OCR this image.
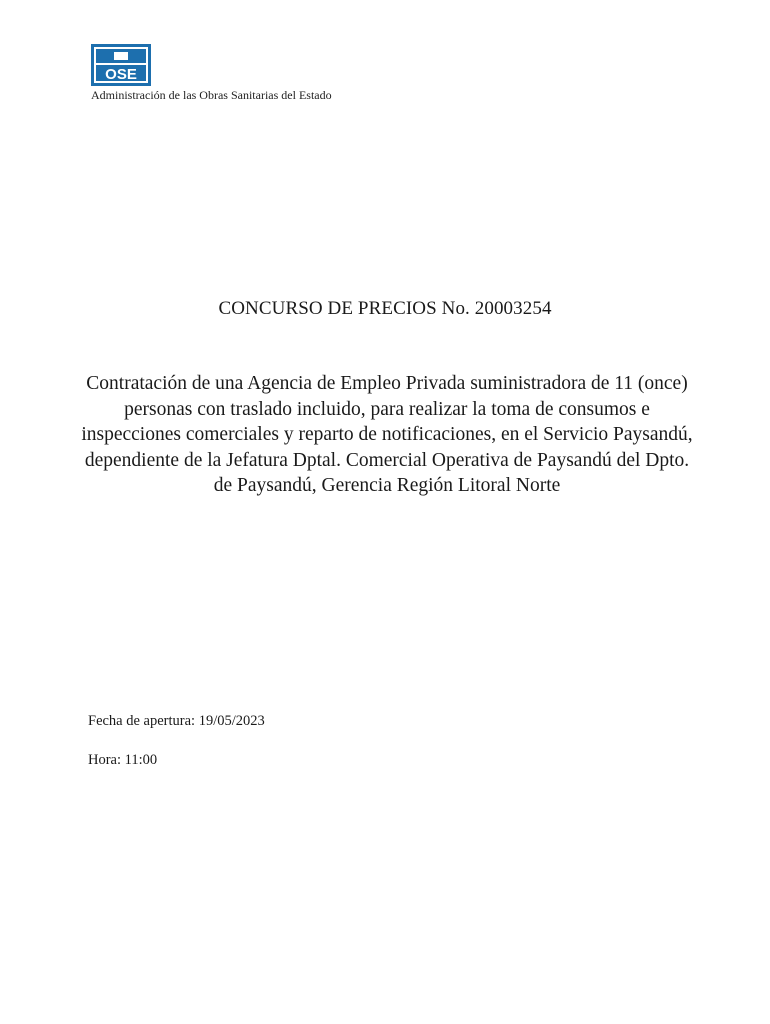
OSE
Administración de las Obras Sanitarias del Estado
CONCURSO DE PRECIOS No. 20003254

Contratación de una Agencia de Empleo Privada suministradora de 11 (once) personas con traslado incluido, para realizar la toma de consumos e inspecciones comerciales y reparto de notificaciones, en el Servicio Paysandú, dependiente de la Jefatura Dptal. Comercial Operativa de Paysandú del Dpto. de Paysandú, Gerencia Región Litoral Norte

Fecha de apertura: 19/05/2023
Hora: 11:00
